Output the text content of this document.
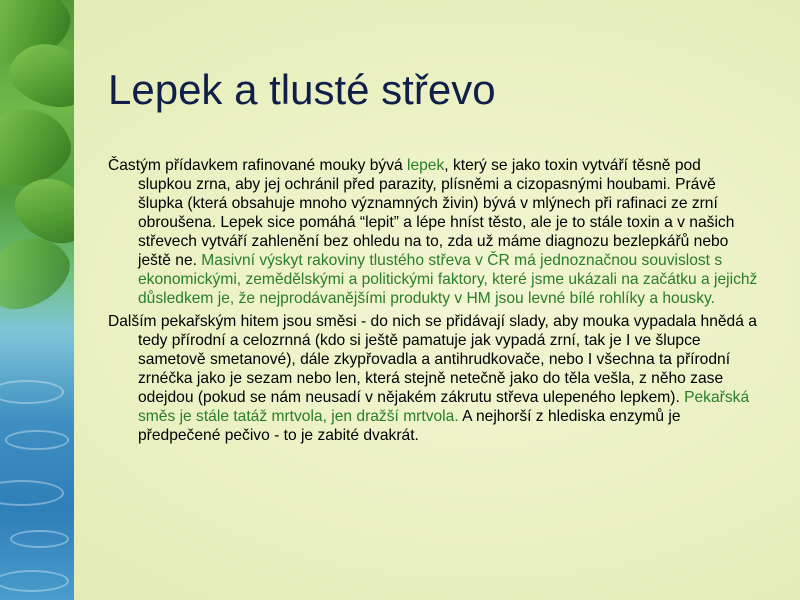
Lepek a tlusté střevo

Častým přídavkem rafinované mouky bývá lepek, který se jako toxin vytváří těsně pod slupkou zrna, aby jej ochránil před parazity, plísněmi a cizopasnými houbami. Právě šlupka (která obsahuje mnoho významných živin) bývá v mlýnech při rafinaci ze zrní obroušena. Lepek sice pomáhá “lepit” a lépe hníst těsto, ale je to stále toxin a v našich střevech vytváří zahlenění bez ohledu na to, zda už máme diagnozu bezlepkářů nebo ještě ne. Masivní výskyt rakoviny tlustého střeva v ČR má jednoznačnou souvislost s ekonomickými, zemědělskými a politickými faktory, které jsme ukázali na začátku a jejichž důsledkem je, že nejprodávanějšími produkty v HM jsou levné bílé rohlíky a housky.

Dalším pekařským hitem jsou směsi - do nich se přidávají slady, aby mouka vypadala hnědá a tedy přírodní a celozrnná (kdo si ještě pamatuje jak vypadá zrní, tak je I ve šlupce sametově smetanové), dále zkypřovadla a antihrudkovače, nebo I všechna ta přírodní zrnéčka jako je sezam nebo len, která stejně netečně jako do těla vešla, z něho zase odejdou (pokud se nám neusadí v nějakém zákrutu střeva ulepeného lepkem). Pekařská směs je stále tatáž mrtvola, jen dražší mrtvola. A nejhorší z hlediska enzymů je předpečené pečivo - to je zabité dvakrát.
